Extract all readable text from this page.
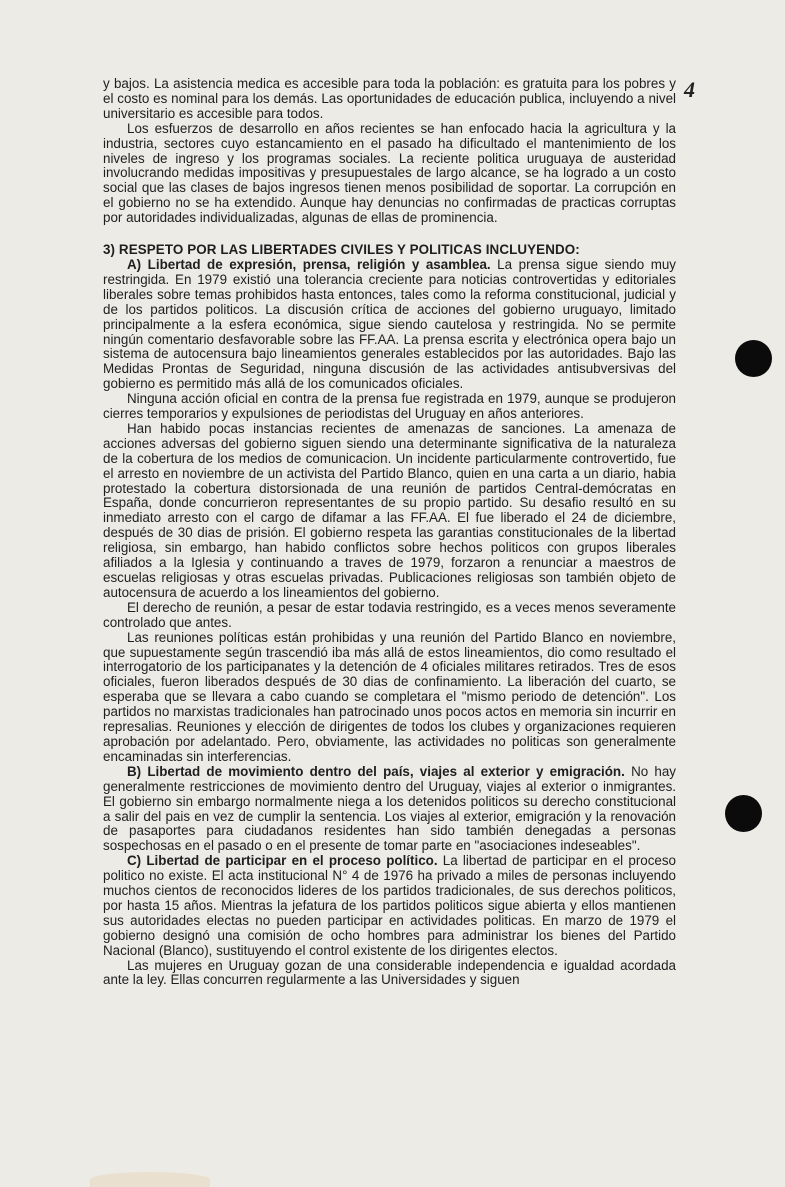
4

y bajos. La asistencia medica es accesible para toda la población: es gratuita para los pobres y el costo es nominal para los demás. Las oportunidades de educación publica, incluyendo a nivel universitario es accesible para todos.

Los esfuerzos de desarrollo en años recientes se han enfocado hacia la agricultura y la industria, sectores cuyo estancamiento en el pasado ha dificultado el mantenimiento de los niveles de ingreso y los programas sociales. La reciente politica uruguaya de austeridad involucrando medidas impositivas y presupuestales de largo alcance, se ha logrado a un costo social que las clases de bajos ingresos tienen menos posibilidad de soportar. La corrupción en el gobierno no se ha extendido. Aunque hay denuncias no confirmadas de practicas corruptas por autoridades individualizadas, algunas de ellas de prominencia.

3) RESPETO POR LAS LIBERTADES CIVILES Y POLITICAS INCLUYENDO:

A) Libertad de expresión, prensa, religión y asamblea. La prensa sigue siendo muy restringida. En 1979 existió una tolerancia creciente para noticias controvertidas y editoriales liberales sobre temas prohibidos hasta entonces, tales como la reforma constitucional, judicial y de los partidos politicos. La discusión crítica de acciones del gobierno uruguayo, limitado principalmente a la esfera económica, sigue siendo cautelosa y restringida. No se permite ningún comentario desfavorable sobre las FF.AA. La prensa escrita y electrónica opera bajo un sistema de autocensura bajo lineamientos generales establecidos por las autoridades. Bajo las Medidas Prontas de Seguridad, ninguna discusión de las actividades antisubversivas del gobierno es permitido más allá de los comunicados oficiales.

Ninguna acción oficial en contra de la prensa fue registrada en 1979, aunque se produjeron cierres temporarios y expulsiones de periodistas del Uruguay en años anteriores.

Han habido pocas instancias recientes de amenazas de sanciones. La amenaza de acciones adversas del gobierno siguen siendo una determinante significativa de la naturaleza de la cobertura de los medios de comunicacion. Un incidente particularmente controvertido, fue el arresto en noviembre de un activista del Partido Blanco, quien en una carta a un diario, habia protestado la cobertura distorsionada de una reunión de partidos Central-demócratas en España, donde concurrieron representantes de su propio partido. Su desafio resultó en su inmediato arresto con el cargo de difamar a las FF.AA. El fue liberado el 24 de diciembre, después de 30 dias de prisión. El gobierno respeta las garantias constitucionales de la libertad religiosa, sin embargo, han habido conflictos sobre hechos politicos con grupos liberales afiliados a la Iglesia y continuando a traves de 1979, forzaron a renunciar a maestros de escuelas religiosas y otras escuelas privadas. Publicaciones religiosas son también objeto de autocensura de acuerdo a los lineamientos del gobierno.

El derecho de reunión, a pesar de estar todavia restringido, es a veces menos severamente controlado que antes.

Las reuniones políticas están prohibidas y una reunión del Partido Blanco en noviembre, que supuestamente según trascendió iba más allá de estos lineamientos, dio como resultado el interrogatorio de los participanates y la detención de 4 oficiales militares retirados. Tres de esos oficiales, fueron liberados después de 30 dias de confinamiento. La liberación del cuarto, se esperaba que se llevara a cabo cuando se completara el "mismo periodo de detención". Los partidos no marxistas tradicionales han patrocinado unos pocos actos en memoria sin incurrir en represalias. Reuniones y elección de dirigentes de todos los clubes y organizaciones requieren aprobación por adelantado. Pero, obviamente, las actividades no politicas son generalmente encaminadas sin interferencias.

B) Libertad de movimiento dentro del país, viajes al exterior y emigración. No hay generalmente restricciones de movimiento dentro del Uruguay, viajes al exterior o inmigrantes. El gobierno sin embargo normalmente niega a los detenidos politicos su derecho constitucional a salir del pais en vez de cumplir la sentencia. Los viajes al exterior, emigración y la renovación de pasaportes para ciudadanos residentes han sido también denegadas a personas sospechosas en el pasado o en el presente de tomar parte en "asociaciones indeseables".

C) Libertad de participar en el proceso político. La libertad de participar en el proceso politico no existe. El acta institucional N° 4 de 1976 ha privado a miles de personas incluyendo muchos cientos de reconocidos lideres de los partidos tradicionales, de sus derechos politicos, por hasta 15 años. Mientras la jefatura de los partidos politicos sigue abierta y ellos mantienen sus autoridades electas no pueden participar en actividades politicas. En marzo de 1979 el gobierno designó una comisión de ocho hombres para administrar los bienes del Partido Nacional (Blanco), sustituyendo el control existente de los dirigentes electos.

Las mujeres en Uruguay gozan de una considerable independencia e igualdad acordada ante la ley. Ellas concurren regularmente a las Universidades y siguen
